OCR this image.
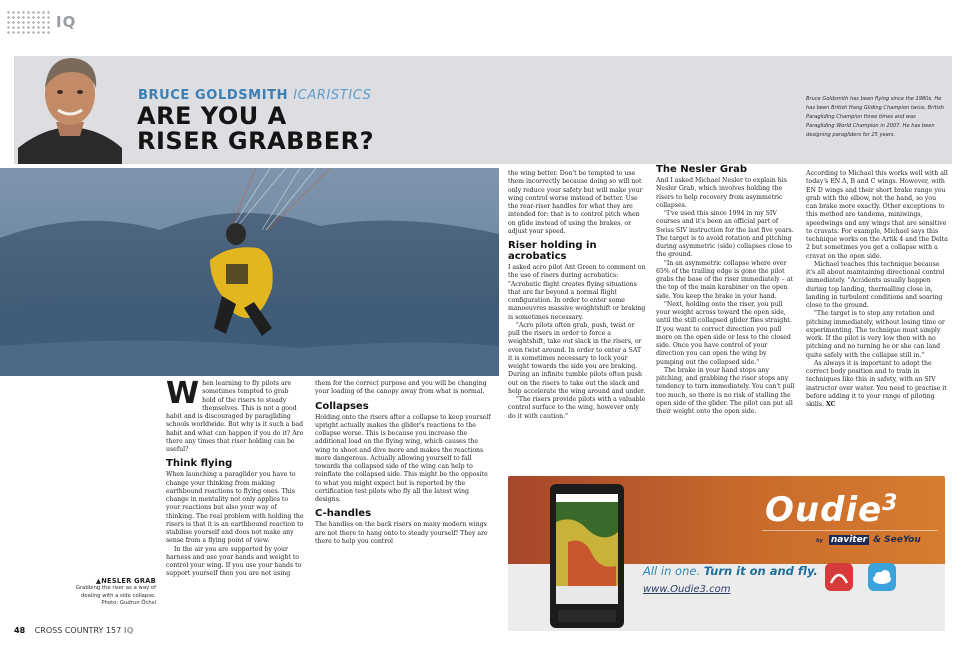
IQ
BRUCE GOLDSMITH ICARISTICS
ARE YOU A
RISER GRABBER?
Bruce Goldsmith has been flying since the 1980s. He has been British Hang Gliding Champion twice, British Paragliding Champion three times and was Paragliding World Champion in 2007. He has been designing paragliders for 25 years.

When learning to fly pilots are sometimes tempted to grab hold of the risers to steady themselves. This is not a good habit and is discouraged by paragliding schools worldwide. But why is it such a bad habit and what can happen if you do it? Are there any times that riser holding can be useful?

Think flying

When launching a paraglider you have to change your thinking from making earthbound reactions to flying ones. This change in mentality not only applies to your reactions but also your way of thinking. The real problem with holding the risers is that it is an earthbound reaction to stabilise yourself and does not make any sense from a flying point of view.

In the air you are supported by your harness and use your hands and weight to control your wing. If you use your hands to support yourself then you are not using

them for the correct purpose and you will be changing your loading of the canopy away from what is normal.

Collapses

Holding onto the risers after a collapse to keep yourself upright actually makes the glider's reactions to the collapse worse. This is because you increase the additional load on the flying wing, which causes the wing to shoot and dive more and makes the reactions more dangerous. Actually allowing yourself to fall towards the collapsed side of the wing can help to reinflate the collapsed side. This might be the opposite to what you might expect but is reported by the certification test pilots who fly all the latest wing designs.

C-handles

The handles on the back risers on many modern wings are not there to hang onto to steady yourself! They are there to help you control

▲NESLER GRAB
Grabbing the riser as a way of
dealing with a side collapse.
Photo: Gudrun Öchsl

the wing better. Don't be tempted to use them incorrectly because doing so will not only reduce your safety but will make your wing control worse instead of better. Use the rear-riser handles for what they are intended for: that is to control pitch when on glide instead of using the brakes, or adjust your speed.

Riser holding in acrobatics

I asked acro pilot Ant Green to comment on the use of risers during acrobatics: "Acrobatic flight creates flying situations that are far beyond a normal flight configuration. In order to enter some manoeuvres massive weightshift or braking is sometimes necessary.

"Acro pilots often grab, push, twist or pull the risers in order to force a weightshift, take out slack in the risers, or even twist around. In order to enter a SAT it is sometimes necessary to lock your weight towards the side you are braking. During an infinite tumble pilots often push out on the risers to take out the slack and help accelerate the wing around and under.

"The risers provide pilots with a valuable control surface to the wing, however only do it with caution."

The Nesler Grab

And I asked Michael Nesler to explain his Nesler Grab, which involves holding the risers to help recovery from asymmetric collapses.

"I've used this since 1994 in my SIV courses and it's been an official part of Swiss SIV instruction for the last five years. The target is to avoid rotation and pitching during asymmetric (side) collapses close to the ground.

"In an asymmetric collapse where over 65% of the trailing edge is gone the pilot grabs the base of the riser immediately – at the top of the main karabiner on the open side. You keep the brake in your hand.

"Next, holding onto the riser, you pull your weight across toward the open side, until the still collapsed glider flies straight. If you want to correct direction you pull more on the open side or less to the closed side. Once you have control of your direction you can open the wing by pumping out the collapsed side."

The brake in your hand stops any pitching, and grabbing the riser stops any tendency to turn immediately. You can't pull too much, so there is no risk of stalling the open side of the glider. The pilot can put all their weight onto the open side.

According to Michael this works well with all today's EN A, B and C wings. However, with EN D wings and their short brake range you grab with the elbow, not the hand, so you can brake more exactly. Other exceptions to this method are tandems, miniwings, speedwings and any wings that are sensitive to cravats. For example, Michael says this technique works on the Artik 4 and the Delta 2 but sometimes you get a collapse with a cravat on the open side.

Michael teaches this technique because it's all about maintaining directional control immediately. "Accidents usually happen during top landing, thermalling close in, landing in turbulent conditions and soaring close to the ground.

"The target is to stop any rotation and pitching immediately, without losing time or experimenting. The technique must simply work. If the pilot is very low then with no pitching and no turning he or she can land quite safely with the collapse still in."

As always it is important to adopt the correct body position and to train in techniques like this in safety, with an SIV instructor over water. You need to practise it before adding it to your range of piloting skills. XC

Oudie$^3$
by naviter & SeeYou
All in one. Turn it on and fly.
www.Oudie3.com
48 CROSS COUNTRY 157 IQ
